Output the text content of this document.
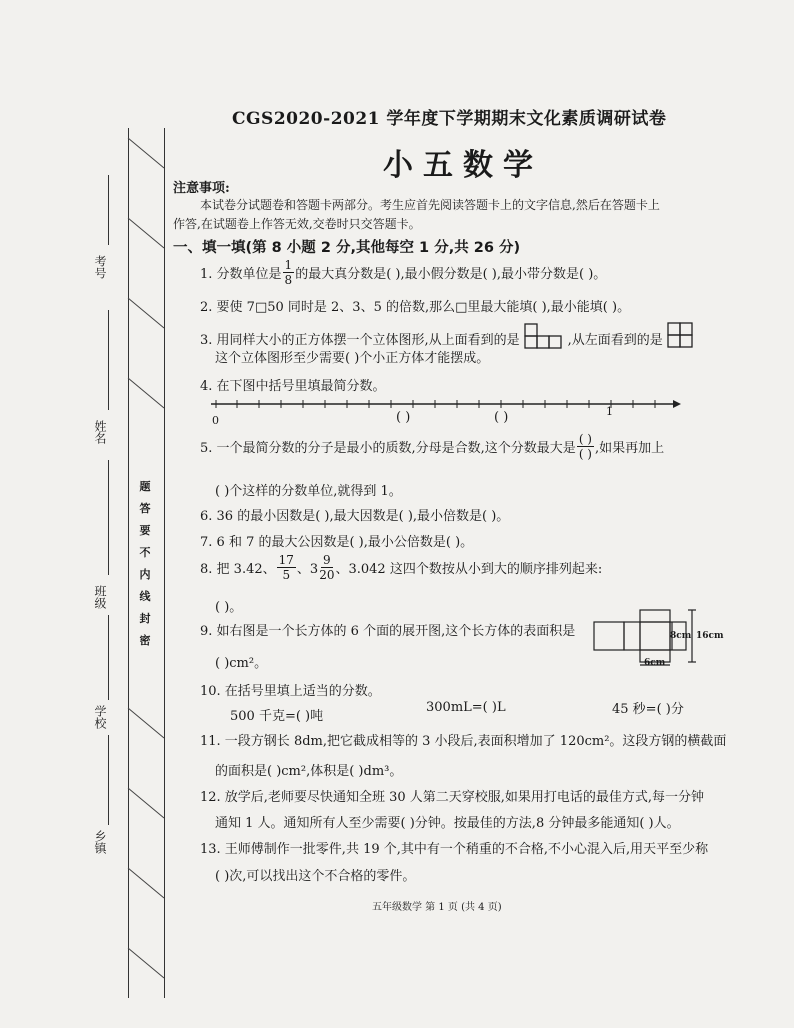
考号
姓名
班级
学校
乡镇
题
答
要
不
内
线
封
密
CGS2020-2021 学年度下学期期末文化素质调研试卷
小五数学
注意事项:
本试卷分试题卷和答题卡两部分。考生应首先阅读答题卡上的文字信息,然后在答题卡上
作答,在试题卷上作答无效,交卷时只交答题卡。
一、填一填(第 8 小题 2 分,其他每空 1 分,共 26 分)
1. 分数单位是 $\frac{1}{8}$ 的最大真分数是( ),最小假分数是( ),最小带分数是( )。
2. 要使 7□50 同时是 2、3、5 的倍数,那么□里最大能填( ),最小能填( )。
3. 用同样大小的正方体摆一个立体图形,从上面看到的是	,从左面看到的是
这个立体图形至少需要( )个小正方体才能摆成。
4. 在下图中括号里填最简分数。
0	( )	( )	1
5. 一个最简分数的分子是最小的质数,分母是合数,这个分数最大是 $\frac{( )}{( )}$ ,如果再加上
( )个这样的分数单位,就得到 1。
6. 36 的最小因数是( ),最大因数是( ),最小倍数是( )。
7. 6 和 7 的最大公因数是( ),最小公倍数是( )。
8. 把 3.42、 $\frac{17}{5}$ 、$3 \frac{9}{20}$ 、3.042 这四个数按从小到大的顺序排列起来:
( )。
9. 如右图是一个长方体的 6 个面的展开图,这个长方体的表面积是
( )cm²。
8cm 16cm
6cm
10. 在括号里填上适当的分数。
500 千克=( )吨
300mL=( )L	45 秒=( )分
11. 一段方钢长 8dm,把它截成相等的 3 小段后,表面积增加了 120cm²。这段方钢的横截面
的面积是( )cm²,体积是( )dm³。
12. 放学后,老师要尽快通知全班 30 人第二天穿校服,如果用打电话的最佳方式,每一分钟
通知 1 人。通知所有人至少需要( )分钟。按最佳的方法,8 分钟最多能通知( )人。
13. 王师傅制作一批零件,共 19 个,其中有一个稍重的不合格,不小心混入后,用天平至少称
( )次,可以找出这个不合格的零件。
五年级数学 第 1 页 (共 4 页)
